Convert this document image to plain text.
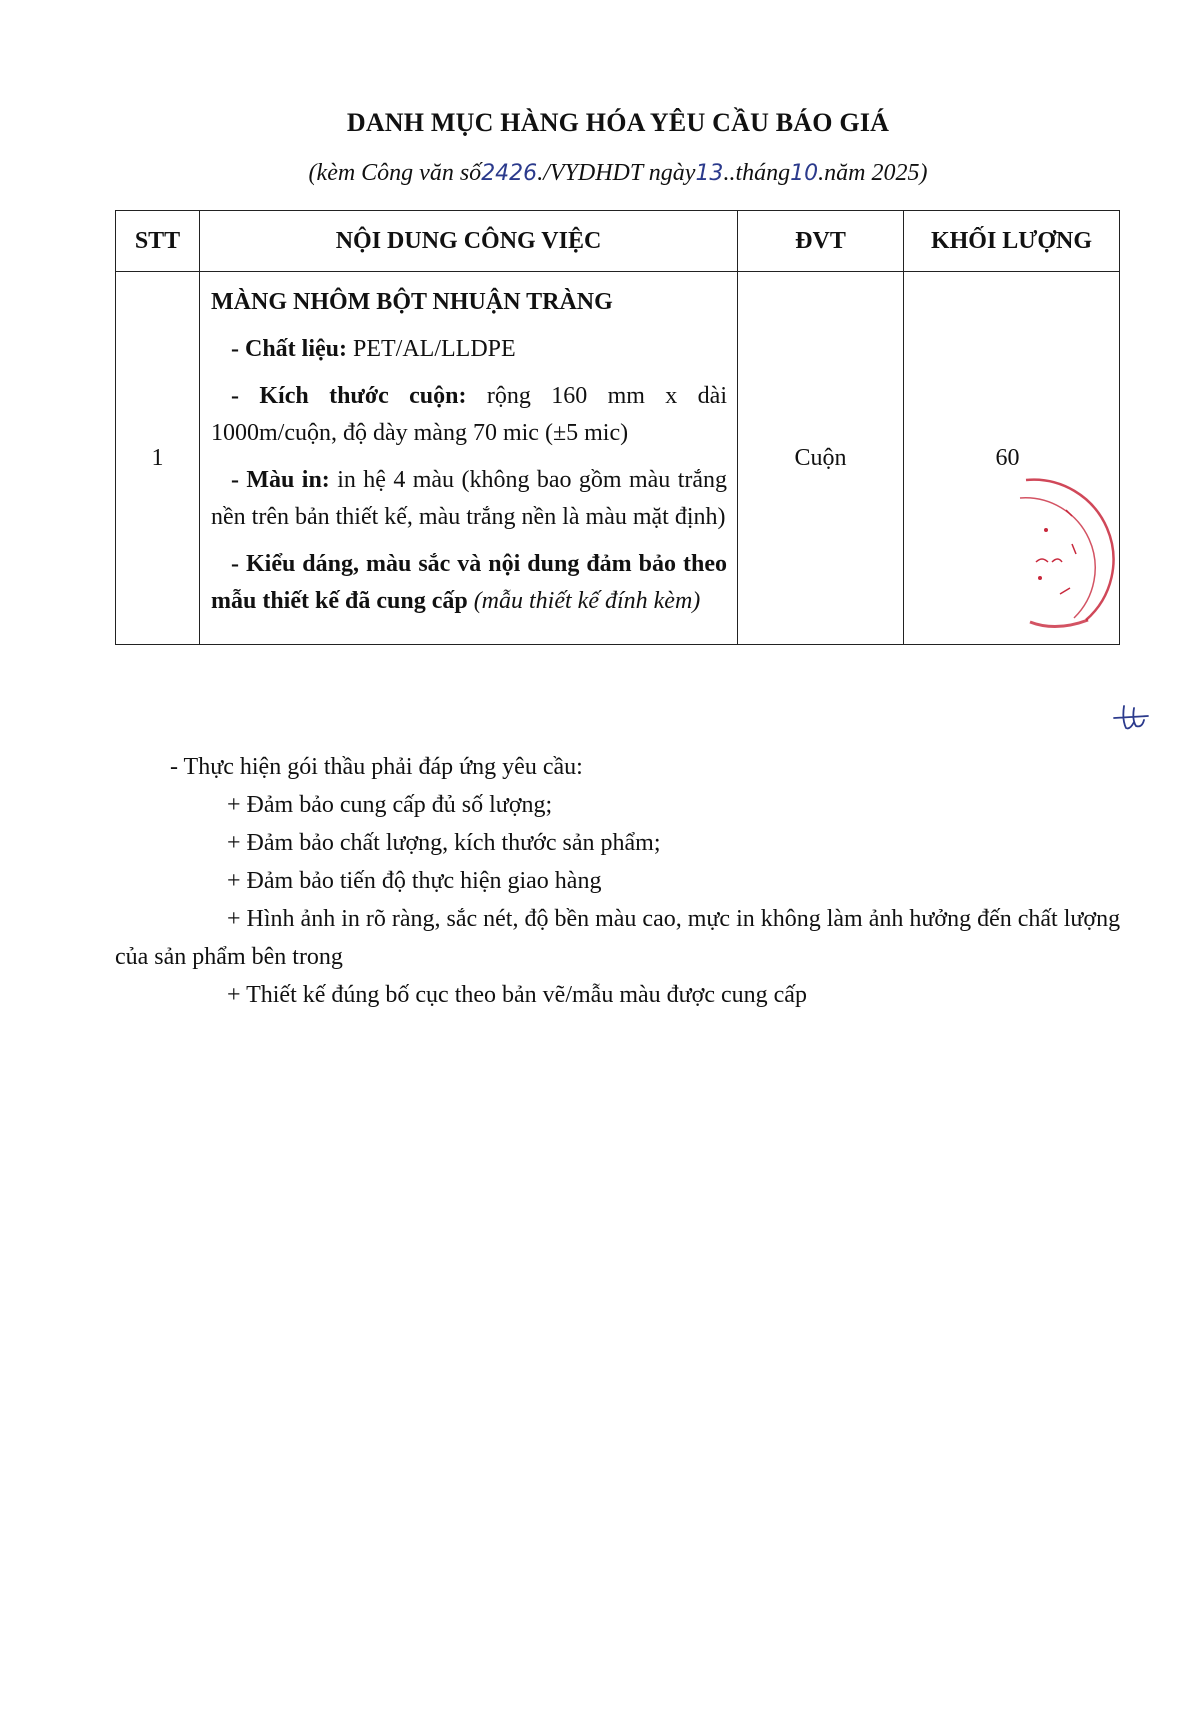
DANH MỤC HÀNG HÓA YÊU CẦU BÁO GIÁ
(kèm Công văn số2426./VYDHDT ngày13..tháng10.năm 2025)
STT	NỘI DUNG CÔNG VIỆC	ĐVT	KHỐI LƯỢNG
1	MÀNG NHÔM BỘT NHUẬN TRÀNG
- Chất liệu: PET/AL/LLDPE
- Kích thước cuộn: rộng 160 mm x dài 1000m/cuộn, độ dày màng 70 mic (±5 mic)
- Màu in: in hệ 4 màu (không bao gồm màu trắng nền trên bản thiết kế, màu trắng nền là màu mặt định)
- Kiểu dáng, màu sắc và nội dung đảm bảo theo mẫu thiết kế đã cung cấp (mẫu thiết kế đính kèm)	Cuộn	60
- Thực hiện gói thầu phải đáp ứng yêu cầu:
+ Đảm bảo cung cấp đủ số lượng;
+ Đảm bảo chất lượng, kích thước sản phẩm;
+ Đảm bảo tiến độ thực hiện giao hàng
+ Hình ảnh in rõ ràng, sắc nét, độ bền màu cao, mực in không làm ảnh hưởng đến chất lượng của sản phẩm bên trong
+ Thiết kế đúng bố cục theo bản vẽ/mẫu màu được cung cấp
